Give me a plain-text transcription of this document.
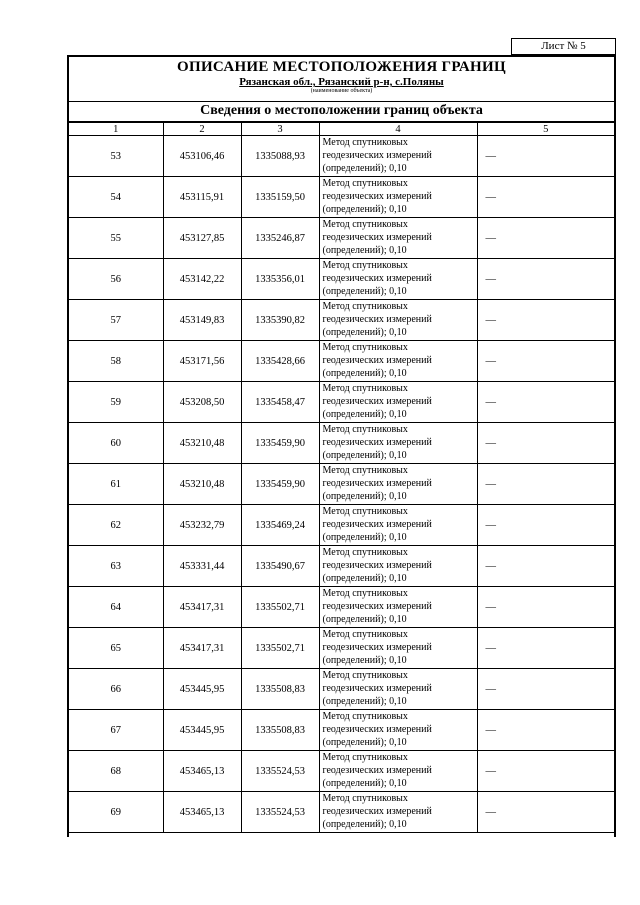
Лист № 5
ОПИСАНИЕ МЕСТОПОЛОЖЕНИЯ ГРАНИЦ
Рязанская обл., Рязанский р-н, с.Поляны
(наименование объекта)
Сведения о местоположении границ объекта
1	2	3	4	5
53	453106,46	1335088,93	Метод спутниковых
геодезических измерений
(определений); 0,10	—
54	453115,91	1335159,50	Метод спутниковых
геодезических измерений
(определений); 0,10	—
55	453127,85	1335246,87	Метод спутниковых
геодезических измерений
(определений); 0,10	—
56	453142,22	1335356,01	Метод спутниковых
геодезических измерений
(определений); 0,10	—
57	453149,83	1335390,82	Метод спутниковых
геодезических измерений
(определений); 0,10	—
58	453171,56	1335428,66	Метод спутниковых
геодезических измерений
(определений); 0,10	—
59	453208,50	1335458,47	Метод спутниковых
геодезических измерений
(определений); 0,10	—
60	453210,48	1335459,90	Метод спутниковых
геодезических измерений
(определений); 0,10	—
61	453210,48	1335459,90	Метод спутниковых
геодезических измерений
(определений); 0,10	—
62	453232,79	1335469,24	Метод спутниковых
геодезических измерений
(определений); 0,10	—
63	453331,44	1335490,67	Метод спутниковых
геодезических измерений
(определений); 0,10	—
64	453417,31	1335502,71	Метод спутниковых
геодезических измерений
(определений); 0,10	—
65	453417,31	1335502,71	Метод спутниковых
геодезических измерений
(определений); 0,10	—
66	453445,95	1335508,83	Метод спутниковых
геодезических измерений
(определений); 0,10	—
67	453445,95	1335508,83	Метод спутниковых
геодезических измерений
(определений); 0,10	—
68	453465,13	1335524,53	Метод спутниковых
геодезических измерений
(определений); 0,10	—
69	453465,13	1335524,53	Метод спутниковых
геодезических измерений
(определений); 0,10	—
